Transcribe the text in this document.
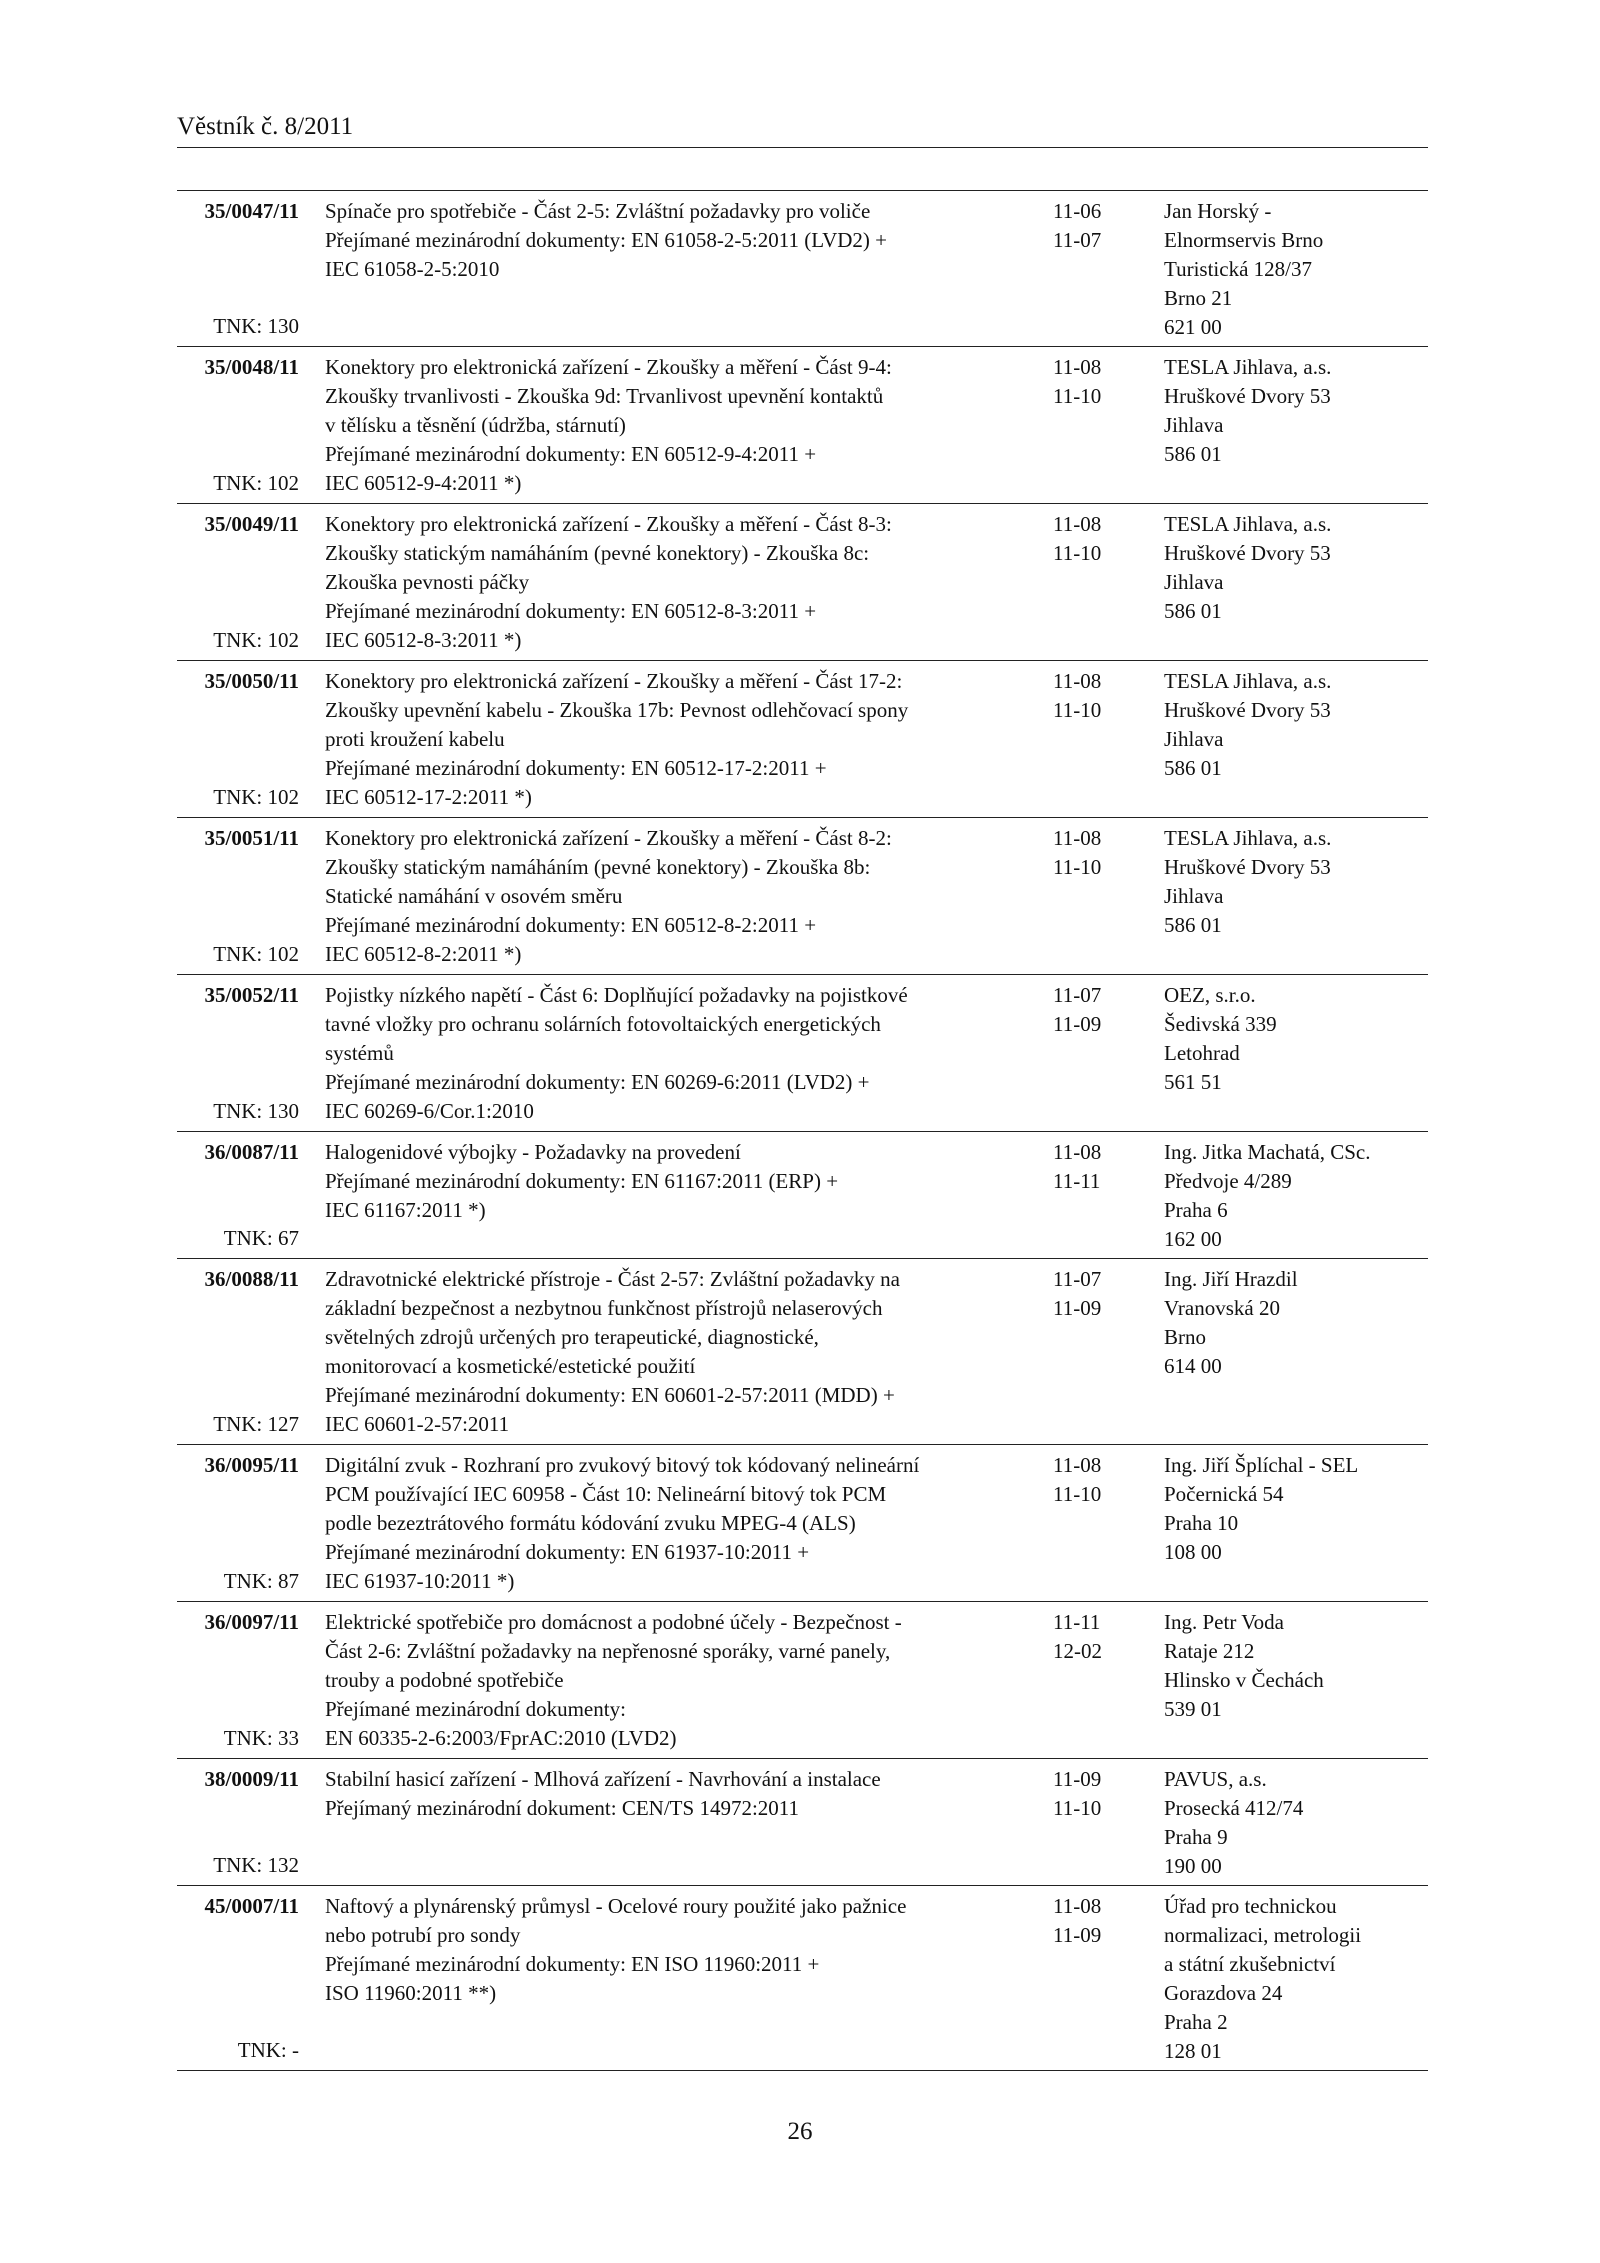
Věstník č. 8/2011
35/0047/11
TNK: 130
Spínače pro spotřebiče - Část 2-5: Zvláštní požadavky pro voliče
Přejímané mezinárodní dokumenty: EN 61058-2-5:2011 (LVD2) +
IEC 61058-2-5:2010
11-06
11-07
Jan Horský -
Elnormservis Brno
Turistická 128/37
Brno 21
621 00
35/0048/11
TNK: 102
Konektory pro elektronická zařízení - Zkoušky a měření - Část 9-4:
Zkoušky trvanlivosti - Zkouška 9d: Trvanlivost upevnění kontaktů
v tělísku a těsnění (údržba, stárnutí)
Přejímané mezinárodní dokumenty: EN 60512-9-4:2011 +
IEC 60512-9-4:2011 *)
11-08
11-10
TESLA Jihlava, a.s.
Hruškové Dvory 53
Jihlava
586 01
35/0049/11
TNK: 102
Konektory pro elektronická zařízení - Zkoušky a měření - Část 8-3:
Zkoušky statickým namáháním (pevné konektory) - Zkouška 8c:
Zkouška pevnosti páčky
Přejímané mezinárodní dokumenty: EN 60512-8-3:2011 +
IEC 60512-8-3:2011 *)
11-08
11-10
TESLA Jihlava, a.s.
Hruškové Dvory 53
Jihlava
586 01
35/0050/11
TNK: 102
Konektory pro elektronická zařízení - Zkoušky a měření - Část 17-2:
Zkoušky upevnění kabelu - Zkouška 17b: Pevnost odlehčovací spony
proti kroužení kabelu
Přejímané mezinárodní dokumenty: EN 60512-17-2:2011 +
IEC 60512-17-2:2011 *)
11-08
11-10
TESLA Jihlava, a.s.
Hruškové Dvory 53
Jihlava
586 01
35/0051/11
TNK: 102
Konektory pro elektronická zařízení - Zkoušky a měření - Část 8-2:
Zkoušky statickým namáháním (pevné konektory) - Zkouška 8b:
Statické namáhání v osovém směru
Přejímané mezinárodní dokumenty: EN 60512-8-2:2011 +
IEC 60512-8-2:2011 *)
11-08
11-10
TESLA Jihlava, a.s.
Hruškové Dvory 53
Jihlava
586 01
35/0052/11
TNK: 130
Pojistky nízkého napětí - Část 6: Doplňující požadavky na pojistkové
tavné vložky pro ochranu solárních fotovoltaických energetických
systémů
Přejímané mezinárodní dokumenty: EN 60269-6:2011 (LVD2) +
IEC 60269-6/Cor.1:2010
11-07
11-09
OEZ, s.r.o.
Šedivská 339
Letohrad
561 51
36/0087/11
TNK: 67
Halogenidové výbojky - Požadavky na provedení
Přejímané mezinárodní dokumenty: EN 61167:2011 (ERP) +
IEC 61167:2011 *)
11-08
11-11
Ing. Jitka Machatá, CSc.
Předvoje 4/289
Praha 6
162 00
36/0088/11
TNK: 127
Zdravotnické elektrické přístroje - Část 2-57: Zvláštní požadavky na
základní bezpečnost a nezbytnou funkčnost přístrojů nelaserových
světelných zdrojů určených pro terapeutické, diagnostické,
monitorovací a kosmetické/estetické použití
Přejímané mezinárodní dokumenty: EN 60601-2-57:2011 (MDD) +
IEC 60601-2-57:2011
11-07
11-09
Ing. Jiří Hrazdil
Vranovská 20
Brno
614 00
36/0095/11
TNK: 87
Digitální zvuk - Rozhraní pro zvukový bitový tok kódovaný nelineární
PCM používající IEC 60958 - Část 10: Nelineární bitový tok PCM
podle bezeztrátového formátu kódování zvuku MPEG-4 (ALS)
Přejímané mezinárodní dokumenty: EN 61937-10:2011 +
IEC 61937-10:2011 *)
11-08
11-10
Ing. Jiří Šplíchal - SEL
Počernická 54
Praha 10
108 00
36/0097/11
TNK: 33
Elektrické spotřebiče pro domácnost a podobné účely - Bezpečnost -
Část 2-6: Zvláštní požadavky na nepřenosné sporáky, varné panely,
trouby a podobné spotřebiče
Přejímané mezinárodní dokumenty:
EN 60335-2-6:2003/FprAC:2010 (LVD2)
11-11
12-02
Ing. Petr Voda
Rataje 212
Hlinsko v Čechách
539 01
38/0009/11
TNK: 132
Stabilní hasicí zařízení - Mlhová zařízení - Navrhování a instalace
Přejímaný mezinárodní dokument: CEN/TS 14972:2011
11-09
11-10
PAVUS, a.s.
Prosecká 412/74
Praha 9
190 00
45/0007/11
TNK: -
Naftový a plynárenský průmysl - Ocelové roury použité jako pažnice
nebo potrubí pro sondy
Přejímané mezinárodní dokumenty: EN ISO 11960:2011 +
ISO 11960:2011 **)
11-08
11-09
Úřad pro technickou
normalizaci, metrologii
a státní zkušebnictví
Gorazdova 24
Praha 2
128 01
26
